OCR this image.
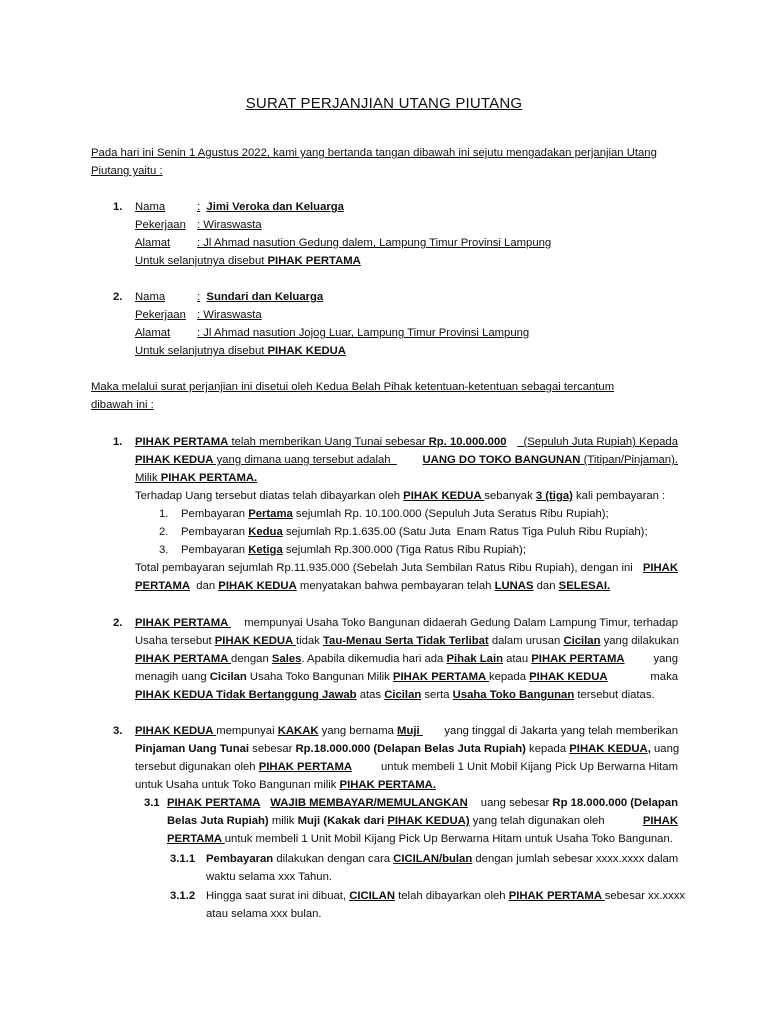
SURAT PERJANJIAN UTANG PIUTANG
Pada hari ini Senin 1 Agustus 2022, kami yang bertanda tangan dibawah ini sejutu mengadakan perjanjian Utang
Piutang yaitu :
1. Nama	: Jimi Veroka dan Keluarga
Pekerjaan : Wiraswasta
Alamat : Jl Ahmad nasution Gedung dalem, Lampung Timur Provinsi Lampung
Untuk selanjutnya disebut PIHAK PERTAMA
2. Nama	: Sundari dan Keluarga
Pekerjaan : Wiraswasta
Alamat : Jl Ahmad nasution Jojog Luar, Lampung Timur Provinsi Lampung
Untuk selanjutnya disebut PIHAK KEDUA
Maka melalui surat perjanjian ini disetui oleh Kedua Belah Pihak ketentuan-ketentuan sebagai tercantum
dibawah ini :
1. PIHAK PERTAMA telah memberikan Uang Tunai sebesar Rp. 10.000.000 (Sepuluh Juta Rupiah) Kepada
PIHAK KEDUA yang dimana uang tersebut adalah UANG DO TOKO BANGUNAN (Titipan/Pinjaman).
Milik PIHAK PERTAMA.
Terhadap Uang tersebut diatas telah dibayarkan oleh PIHAK KEDUA sebanyak 3 (tiga) kali pembayaran :
1. Pembayaran Pertama sejumlah Rp. 10.100.000 (Sepuluh Juta Seratus Ribu Rupiah);
2. Pembayaran Kedua sejumlah Rp.1.635.00 (Satu Juta  Enam Ratus Tiga Puluh Ribu Rupiah);
3. Pembayaran Ketiga sejumlah Rp.300.000 (Tiga Ratus Ribu Rupiah);
Total pembayaran sejumlah Rp.11.935.000 (Sebelah Juta Sembilan Ratus Ribu Rupiah), dengan ini PIHAK
PERTAMA  dan PIHAK KEDUA menyatakan bahwa pembayaran telah LUNAS dan SELESAI.
2. PIHAK PERTAMA mempunyai Usaha Toko Bangunan didaerah Gedung Dalam Lampung Timur, terhadap
Usaha tersebut PIHAK KEDUA tidak Tau-Menau Serta Tidak Terlibat dalam urusan Cicilan yang dilakukan
PIHAK PERTAMA dengan Sales. Apabila dikemudia hari ada Pihak Lain atau PIHAK PERTAMA yang
menagih uang Cicilan Usaha Toko Bangunan Milik PIHAK PERTAMA kepada PIHAK KEDUA	maka
PIHAK KEDUA Tidak Bertanggung Jawab atas Cicilan serta Usaha Toko Bangunan tersebut diatas.
3. PIHAK KEDUA mempunyai KAKAK yang bernama Muji yang tinggal di Jakarta yang telah memberikan
Pinjaman Uang Tunai sebesar Rp.18.000.000 (Delapan Belas Juta Rupiah) kepada PIHAK KEDUA, uang
tersebut digunakan oleh PIHAK PERTAMA untuk membeli 1 Unit Mobil Kijang Pick Up Berwarna Hitam
untuk Usaha untuk Toko Bangunan milik PIHAK PERTAMA.
3.1 PIHAK PERTAMA WAJIB MEMBAYAR/MEMULANGKAN uang sebesar Rp 18.000.000 (Delapan
Belas Juta Rupiah) milik Muji (Kakak dari PIHAK KEDUA) yang telah digunakan oleh	PIHAK
PERTAMA untuk membeli 1 Unit Mobil Kijang Pick Up Berwarna Hitam untuk Usaha Toko Bangunan.
3.1.1 Pembayaran dilakukan dengan cara CICILAN/bulan dengan jumlah sebesar xxxx.xxxx dalam
waktu selama xxx Tahun.
3.1.2 Hingga saat surat ini dibuat, CICILAN telah dibayarkan oleh PIHAK PERTAMA sebesar xx.xxxx
atau selama xxx bulan.
